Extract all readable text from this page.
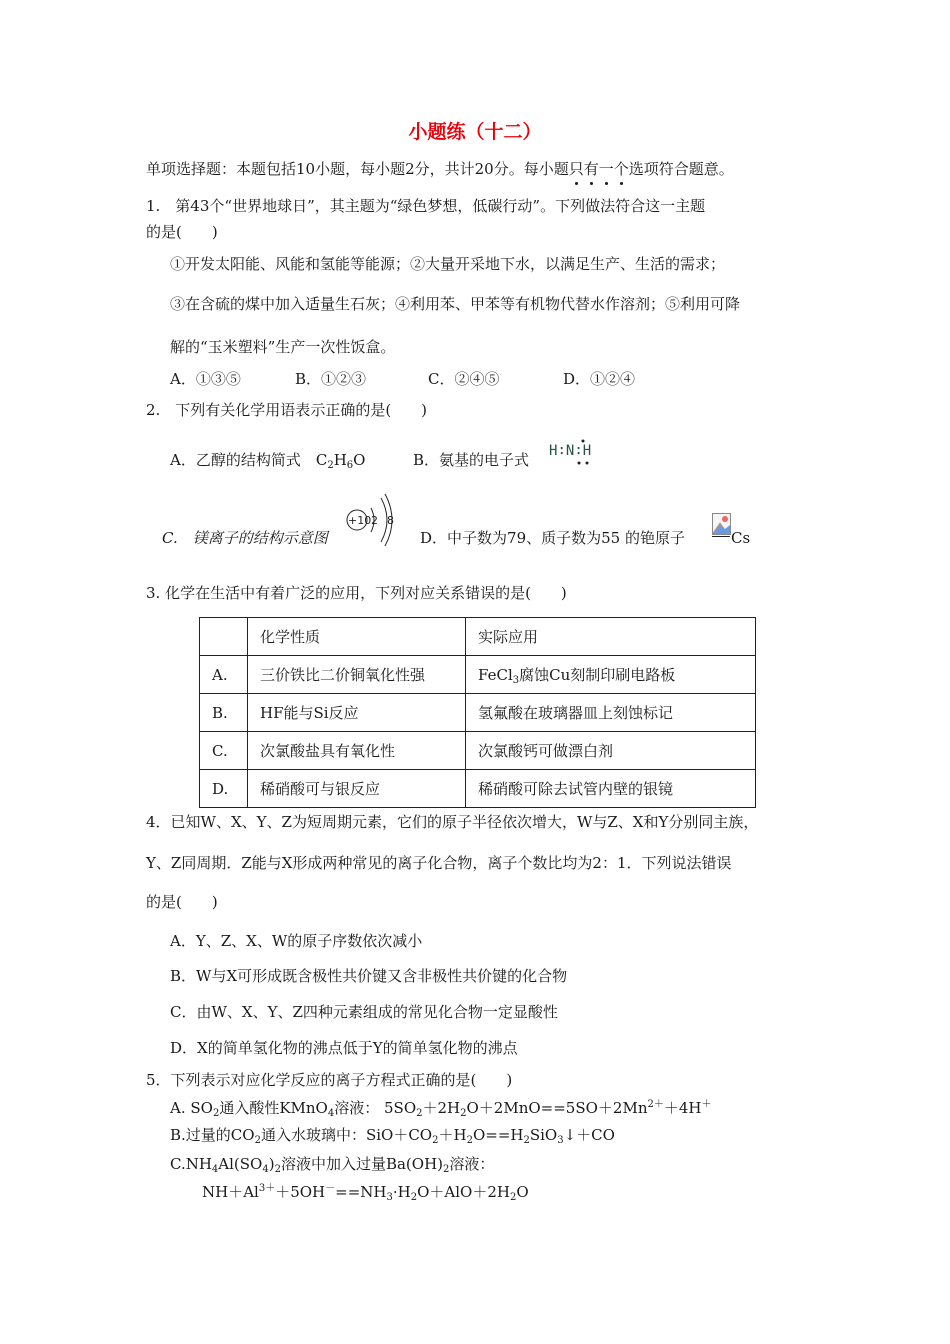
小题练（十二）
单项选择题：本题包括10小题，每小题2分，共计20分。每小题只有一个选项符合题意。
1.　第43个“世界地球日”，其主题为“绿色梦想，低碳行动”。下列做法符合这一主题
的是(　　)
①开发太阳能、风能和氢能等能源；②大量开采地下水，以满足生产、生活的需求；
③在含硫的煤中加入适量生石灰；④利用苯、甲苯等有机物代替水作溶剂；⑤利用可降
解的“玉米塑料”生产一次性饭盒。
A．①③⑤	B．①②③	C．②④⑤	D．①②④
2.　下列有关化学用语表示正确的是(　　)
A．乙醇的结构简式　$C_2H_6O$	B．氨基的电子式 H∶N∶H
C.　镁离子的结构示意图
+10 2 8
D．中子数为79、质子数为55 的铯原子	Cs
3. 化学在生活中有着广泛的应用，下列对应关系错误的是(　　)
	化学性质	实际应用
A.	三价铁比二价铜氧化性强	FeCl$_3$腐蚀Cu刻制印刷电路板
B.	HF能与Si反应	氢氟酸在玻璃器皿上刻蚀标记
C.	次氯酸盐具有氧化性	次氯酸钙可做漂白剂
D.	稀硝酸可与银反应	稀硝酸可除去试管内壁的银镜
4．已知W、X、Y、Z为短周期元素，它们的原子半径依次增大，W与Z、X和Y分别同主族，
Y、Z同周期．Z能与X形成两种常见的离子化合物，离子个数比均为2：1．下列说法错误
的是(　　)
A．Y、Z、X、W的原子序数依次减小
B．W与X可形成既含极性共价键又含非极性共价键的化合物
C．由W、X、Y、Z四种元素组成的常见化合物一定显酸性
D．X的简单氢化物的沸点低于Y的简单氢化物的沸点
5．下列表示对应化学反应的离子方程式正确的是(　　)
A. $SO_2$通入酸性KMnO$_4$溶液： $5SO_2+2H_2O+2MnO==5SO+2Mn^{2+}+4H^+$
B.过量的$CO_2$通入水玻璃中：$SiO+CO_2+H_2O==H_2SiO_3↓+CO$
$C.NH_4Al(SO_4)_2$溶液中加入过量$Ba(OH)_2$溶液：
$NH+Al^{3+}+5OH^-==NH_3\cdot H_2O+AlO+2H_2O$
